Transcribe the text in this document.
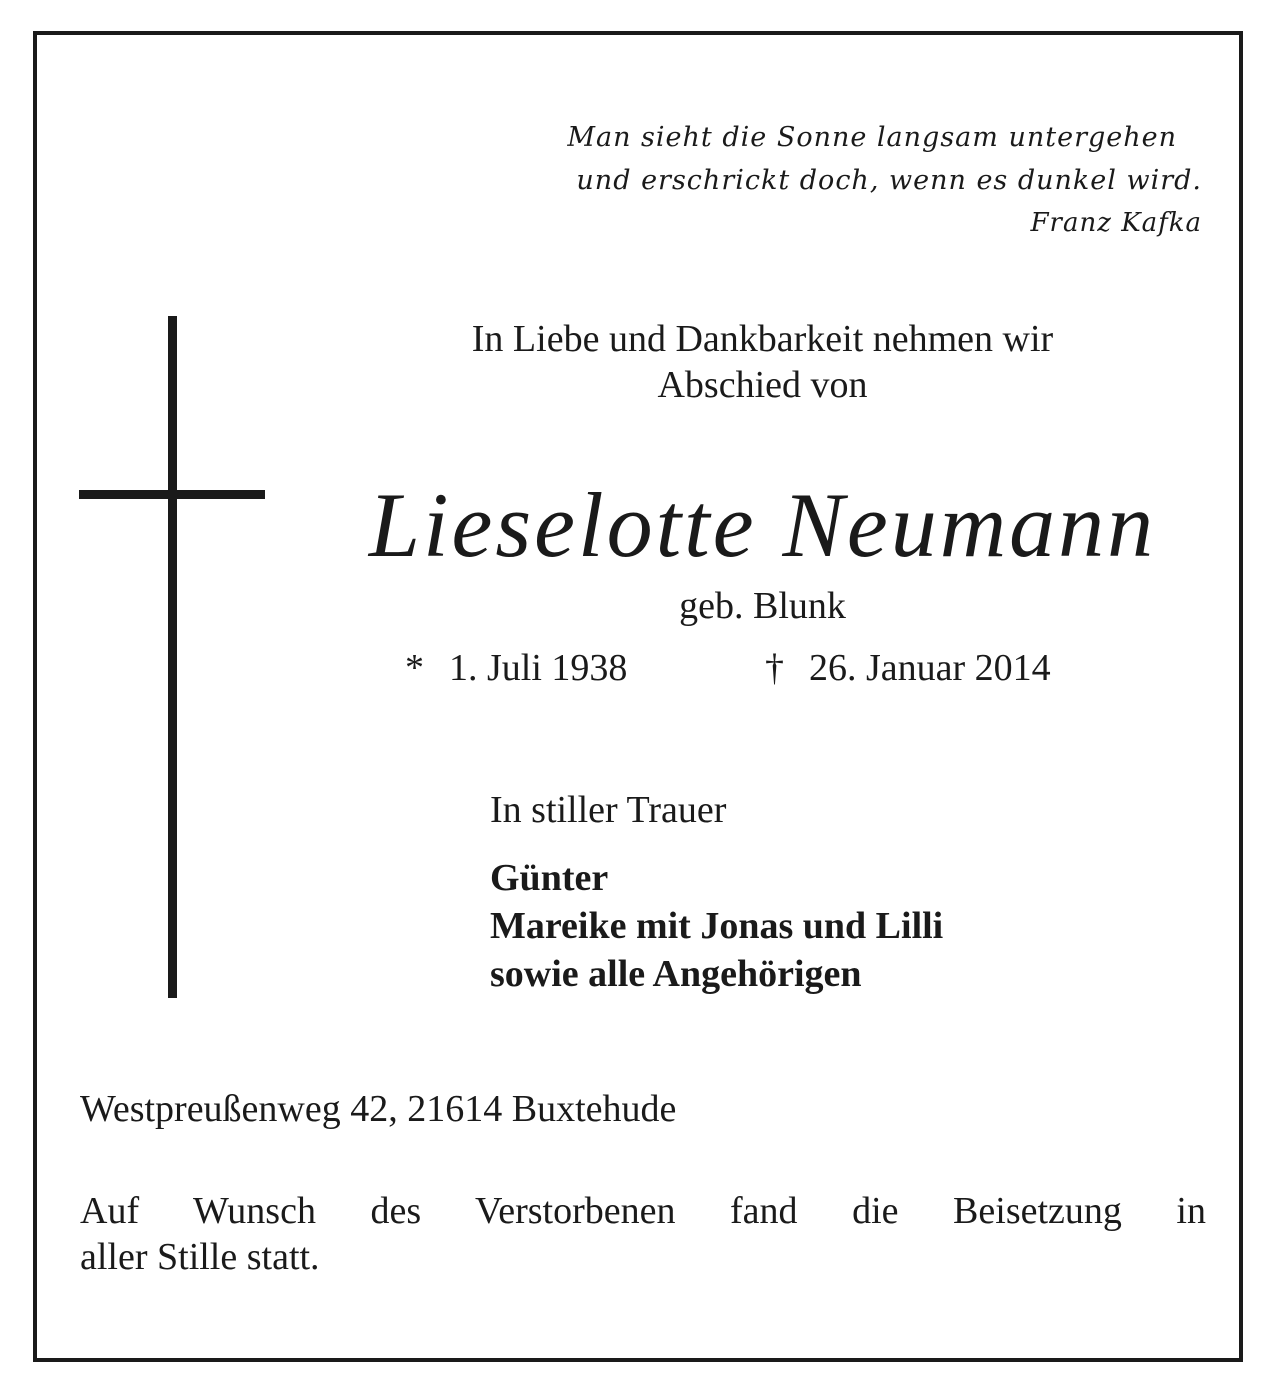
Man sieht die Sonne langsam untergehen
und erschrickt doch, wenn es dunkel wird.
Franz Kafka
In Liebe und Dankbarkeit nehmen wir
Abschied von
Lieselotte Neumann
geb. Blunk
* 1. Juli 1938	† 26. Januar 2014
In stiller Trauer
Günter
Mareike mit Jonas und Lilli
sowie alle Angehörigen
Westpreußenweg 42, 21614 Buxtehude
Auf Wunsch des Verstorbenen fand die Beisetzung in
aller Stille statt.
